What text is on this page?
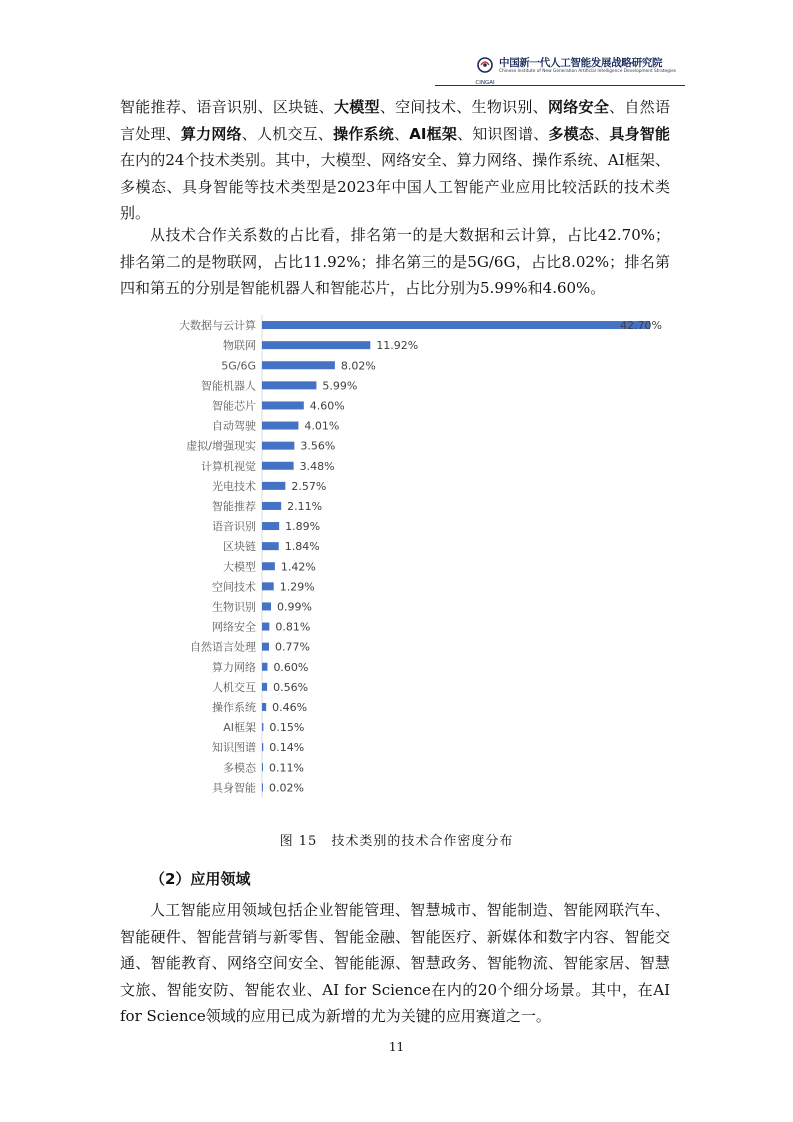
CINGAI
中国新一代人工智能发展战略研究院
Chinese Institute of New Generation Artificial Intelligence Development Strategies
智能推荐、语音识别、区块链、大模型、空间技术、生物识别、网络安全、自然语言处理、算力网络、人机交互、操作系统、AI框架、知识图谱、多模态、具身智能在内的24个技术类别。其中，大模型、网络安全、算力网络、操作系统、AI框架、多模态、具身智能等技术类型是2023年中国人工智能产业应用比较活跃的技术类别。
从技术合作关系数的占比看，排名第一的是大数据和云计算，占比42.70%；排名第二的是物联网，占比11.92%；排名第三的是5G/6G，占比8.02%；排名第四和第五的分别是智能机器人和智能芯片，占比分别为5.99%和4.60%。
大数据与云计算	42.70%
物联网	11.92%
5G/6G	8.02%
智能机器人	5.99%
智能芯片	4.60%
自动驾驶	4.01%
虚拟/增强现实	3.56%
计算机视觉	3.48%
光电技术	2.57%
智能推荐	2.11%
语音识别	1.89%
区块链	1.84%
大模型 1.42%
空间技术 1.29%
生物识别 0.99%
网络安全 0.81%
自然语言处理 0.77%
算力网络 0.60%
人机交互 0.56%
操作系统 0.46%
AI框架 0.15%
知识图谱 0.14%
多模态 0.11%
具身智能 0.02%
图 15　技术类别的技术合作密度分布
（2）应用领域
人工智能应用领域包括企业智能管理、智慧城市、智能制造、智能网联汽车、智能硬件、智能营销与新零售、智能金融、智能医疗、新媒体和数字内容、智能交通、智能教育、网络空间安全、智能能源、智慧政务、智能物流、智能家居、智慧文旅、智能安防、智能农业、AI for Science在内的20个细分场景。其中，在AI for Science领域的应用已成为新增的尤为关键的应用赛道之一。
11
